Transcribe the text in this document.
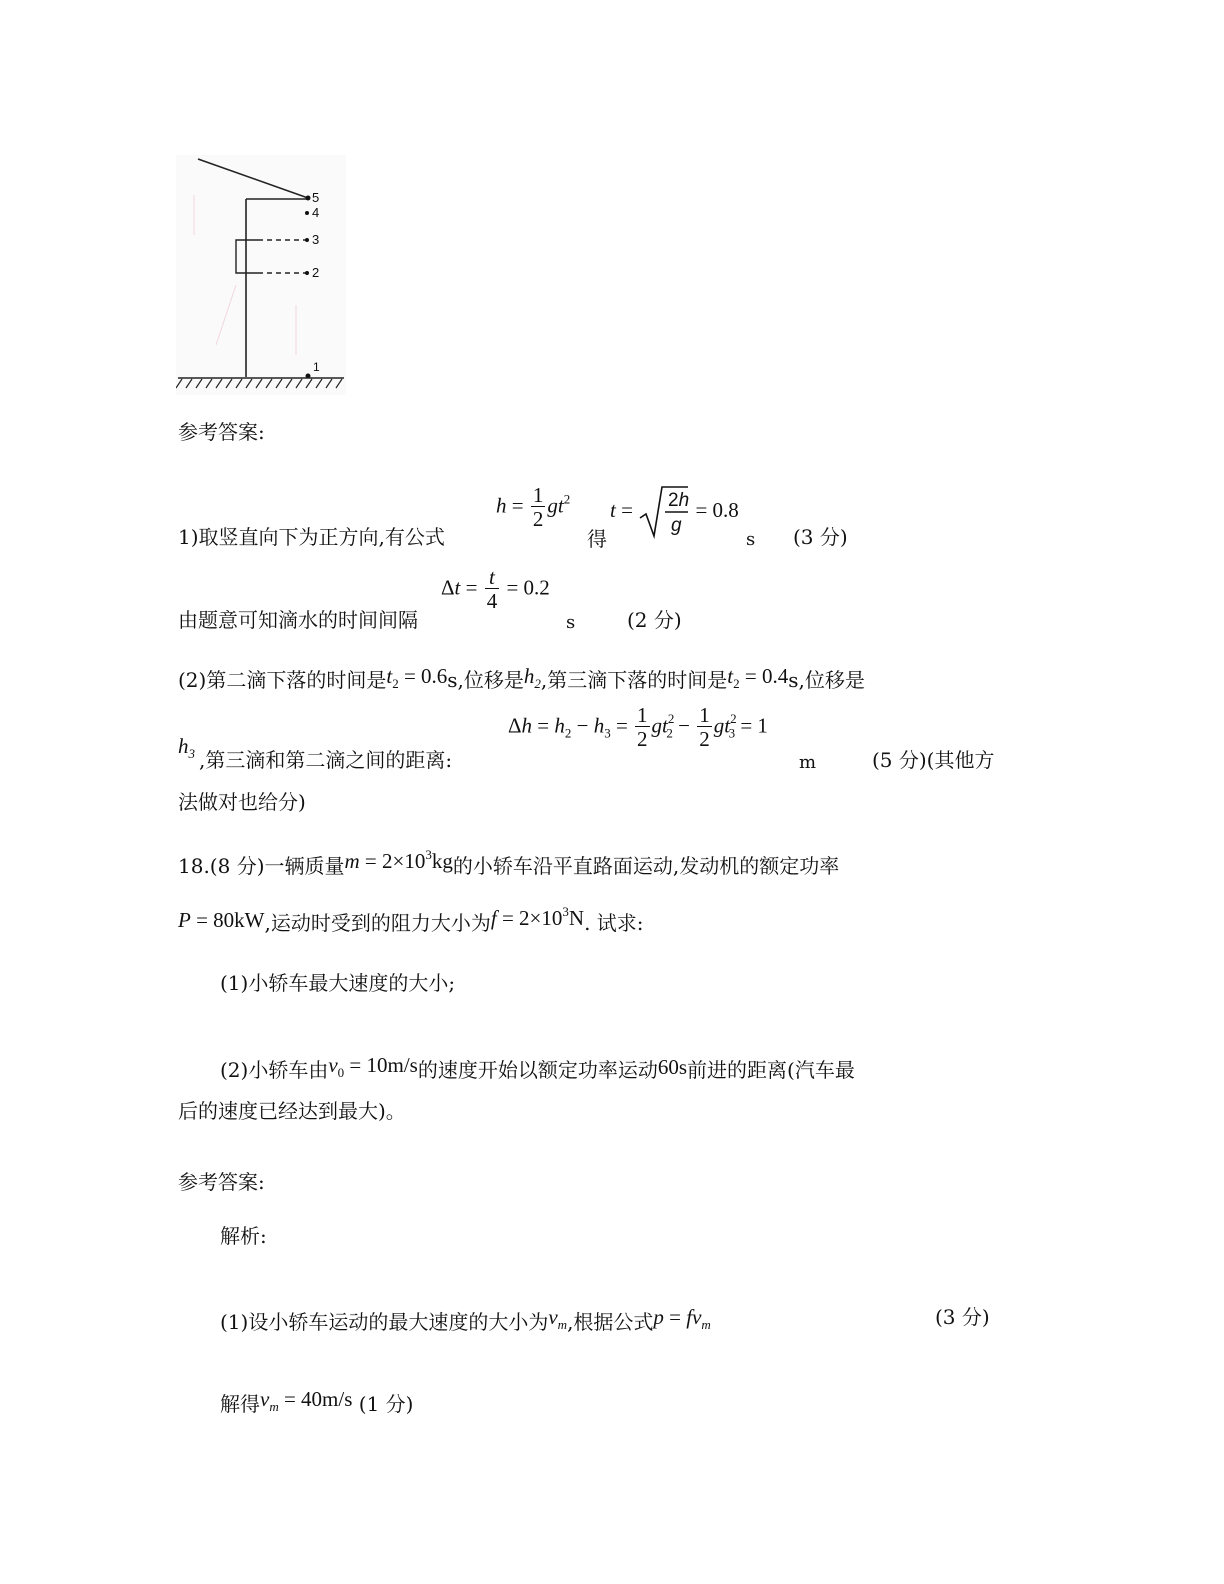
5
4
3
2
1
参考答案:
1)取竖直向下为正方向,有公式
$h = \frac{1}{2} gt^2$
得
t = 2h
g
= 0.8
s (3 分)
由题意可知滴水的时间间隔
$\Delta t = \frac{t}{4} = 0.2$
s	(2 分)
(2)第二滴下落的时间是$t_2 = 0.6s$,位移是$h_2$,第三滴下落的时间是$t_2 = 0.4s$,位移是
$h_3$ ,第三滴和第二滴之间的距离:
$\Delta h = h_2 - h_3 = \frac{1}{2} gt^2_2 - \frac{1}{2} gt^2_3 = 1$
m	(5 分)(其他方
法做对也给分)
18.(8 分)一辆质量$m = 2\times 10^3kg$的小轿车沿平直路面运动,发动机的额定功率
P = 80kW,运动时受到的阻力大小为$f = 2\times 10^3N$. 试求:
(1)小轿车最大速度的大小;
(2)小轿车由$v_0 = 10m/s$的速度开始以额定功率运动60s前进的距离(汽车最
后的速度已经达到最大)。
参考答案:
解析:
(1)设小轿车运动的最大速度的大小为$v_m$,根据公式$p = fv_m$	(3 分)
解得$v_m = 40m/s$ (1 分)
